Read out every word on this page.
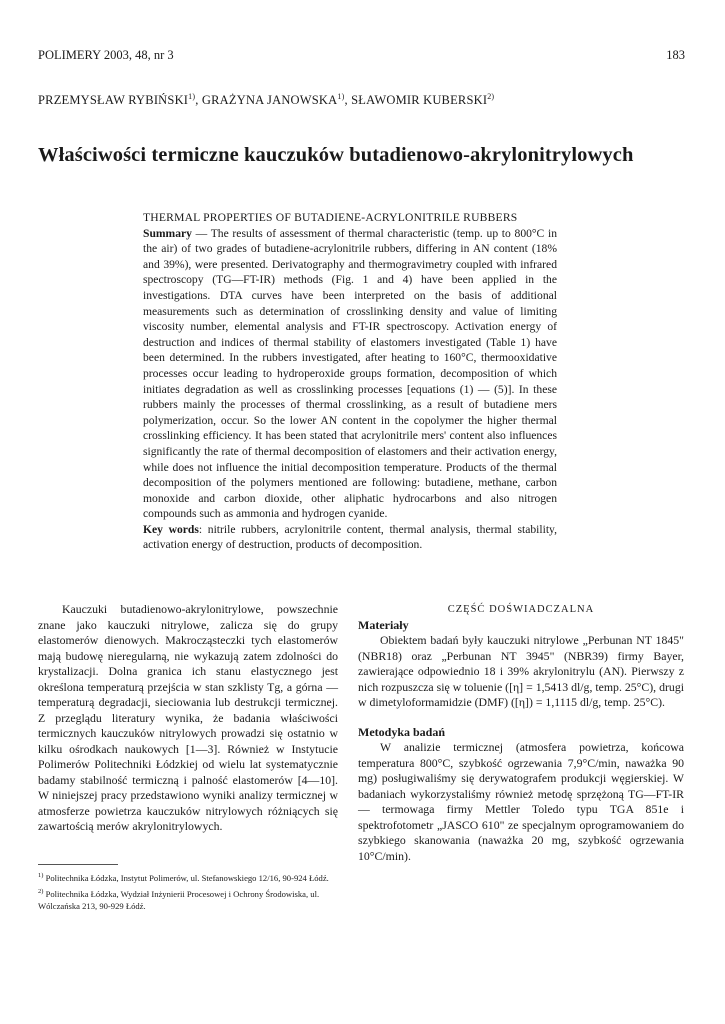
POLIMERY 2003, 48, nr 3	183
PRZEMYSŁAW RYBIŃSKI$^{1)}$, GRAŻYNA JANOWSKA$^{1)}$, SŁAWOMIR KUBERSKI$^{2)}$
Właściwości termiczne kauczuków butadienowo-akrylonitrylowych

THERMAL PROPERTIES OF BUTADIENE-ACRYLONITRILE RUBBERS

Summary — The results of assessment of thermal characteristic (temp. up to 800°C in the air) of two grades of butadiene-acrylonitrile rubbers, differing in AN content (18% and 39%), were presented. Derivatography and thermogravimetry coupled with infrared spectroscopy (TG—FT-IR) methods (Fig. 1 and 4) have been applied in the investigations. DTA curves have been interpreted on the basis of additional measurements such as determination of crosslinking density and value of limiting viscosity number, elemental analysis and FT-IR spectroscopy. Activation energy of destruction and indices of thermal stability of elastomers investigated (Table 1) have been determined. In the rubbers investigated, after heating to 160°C, thermooxidative processes occur leading to hydroperoxide groups formation, decomposition of which initiates degradation as well as crosslinking processes [equations (1) — (5)]. In these rubbers mainly the processes of thermal crosslinking, as a result of butadiene mers polymerization, occur. So the lower AN content in the copolymer the higher thermal crosslinking efficiency. It has been stated that acrylonitrile mers' content also influences significantly the rate of thermal decomposition of elastomers and their activation energy, while does not influence the initial decomposition temperature. Products of the thermal decomposition of the polymers mentioned are following: butadiene, methane, carbon monoxide and carbon dioxide, other aliphatic hydrocarbons and also nitrogen compounds such as ammonia and hydrogen cyanide.

Key words: nitrile rubbers, acrylonitrile content, thermal analysis, thermal stability, activation energy of destruction, products of decomposition.

Kauczuki butadienowo-akrylonitrylowe, powszechnie znane jako kauczuki nitrylowe, zalicza się do grupy elastomerów dienowych. Makrocząsteczki tych elastomerów mają budowę nieregularną, nie wykazują zatem zdolności do krystalizacji. Dolna granica ich stanu elastycznego jest określona temperaturą przejścia w stan szklisty Tg, a górna — temperaturą degradacji, sieciowania lub destrukcji termicznej. Z przeglądu literatury wynika, że badania właściwości termicznych kauczuków nitrylowych prowadzi się ostatnio w kilku ośrodkach naukowych [1—3]. Również w Instytucie Polimerów Politechniki Łódzkiej od wielu lat systematycznie badamy stabilność termiczną i palność elastomerów [4—10]. W niniejszej pracy przedstawiono wyniki analizy termicznej w atmosferze powietrza kauczuków nitrylowych różniących się zawartością merów akrylonitrylowych.

$^{1)}$ Politechnika Łódzka, Instytut Polimerów, ul. Stefanowskiego 12/16, 90-924 Łódź.

$^{2)}$ Politechnika Łódzka, Wydział Inżynierii Procesowej i Ochrony Środowiska, ul. Wólczańska 213, 90-929 Łódź.

CZĘŚĆ DOŚWIADCZALNA

Materiały

Obiektem badań były kauczuki nitrylowe „Perbunan NT 1845" (NBR18) oraz „Perbunan NT 3945" (NBR39) firmy Bayer, zawierające odpowiednio 18 i 39% akrylonitrylu (AN). Pierwszy z nich rozpuszcza się w toluenie ([η] = 1,5413 dl/g, temp. 25°C), drugi w dimetyloformamidzie (DMF) ([η]) = 1,1115 dl/g, temp. 25°C).

Metodyka badań

W analizie termicznej (atmosfera powietrza, końcowa temperatura 800°C, szybkość ogrzewania 7,9°C/min, naważka 90 mg) posługiwaliśmy się derywatografem produkcji węgierskiej. W badaniach wykorzystaliśmy również metodę sprzężoną TG—FT-IR — termowaga firmy Mettler Toledo typu TGA 851e i spektrofotometr „JASCO 610" ze specjalnym oprogramowaniem do szybkiego skanowania (naważka 20 mg, szybkość ogrzewania 10°C/min).
